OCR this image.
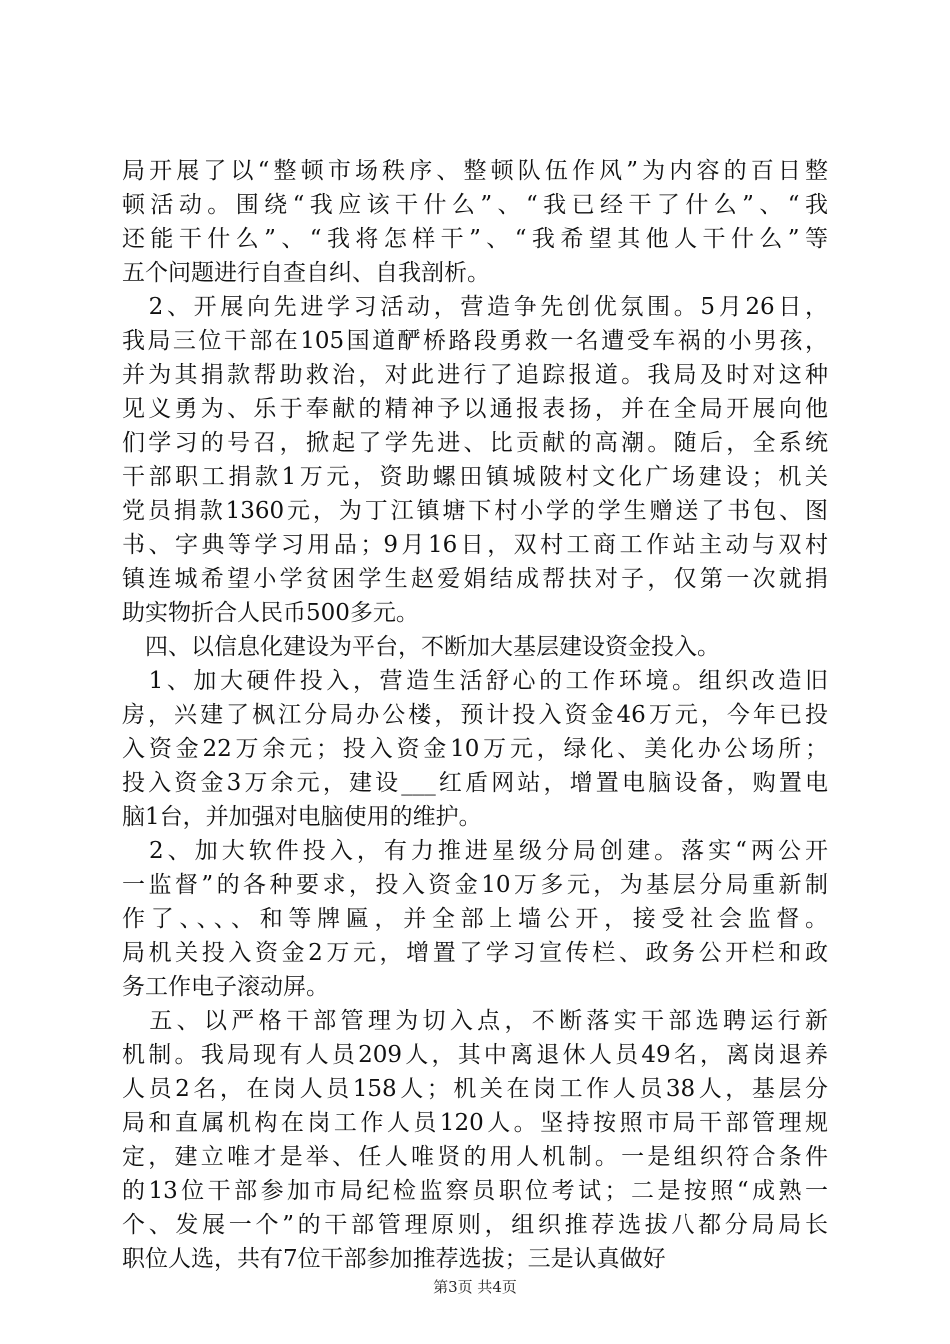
局开展了以“整顿市场秩序、整顿队伍作风”为内容的百日整
顿活动。围绕“我应该干什么”、“我已经干了什么”、“我
还能干什么”、“我将怎样干”、“我希望其他人干什么”等
五个问题进行自查自纠、自我剖析。
　2、开展向先进学习活动，营造争先创优氛围。5月26日，
我局三位干部在105国道酽桥路段勇救一名遭受车祸的小男孩，
并为其捐款帮助救治，对此进行了追踪报道。我局及时对这种
见义勇为、乐于奉献的精神予以通报表扬，并在全局开展向他
们学习的号召，掀起了学先进、比贡献的高潮。随后，全系统
干部职工捐款1万元，资助螺田镇城陂村文化广场建设；机关
党员捐款1360元，为丁江镇塘下村小学的学生赠送了书包、图
书、字典等学习用品；9月16日，双村工商工作站主动与双村
镇连城希望小学贫困学生赵爱娟结成帮扶对子，仅第一次就捐
助实物折合人民币500多元。
　四、以信息化建设为平台，不断加大基层建设资金投入。
　1、加大硬件投入，营造生活舒心的工作环境。组织改造旧
房，兴建了枫江分局办公楼，预计投入资金46万元，今年已投
入资金22万余元；投入资金10万元，绿化、美化办公场所；
投入资金3万余元，建设___红盾网站，增置电脑设备，购置电
脑1台，并加强对电脑使用的维护。
　2、加大软件投入，有力推进星级分局创建。落实“两公开
一监督”的各种要求，投入资金10万多元，为基层分局重新制
作了、、、、和等牌匾，并全部上墙公开，接受社会监督。
局机关投入资金2万元，增置了学习宣传栏、政务公开栏和政
务工作电子滚动屏。
　五、以严格干部管理为切入点，不断落实干部选聘运行新
机制。我局现有人员209人，其中离退休人员49名，离岗退养
人员2名，在岗人员158人；机关在岗工作人员38人，基层分
局和直属机构在岗工作人员120人。坚持按照市局干部管理规
定，建立唯才是举、任人唯贤的用人机制。一是组织符合条件
的13位干部参加市局纪检监察员职位考试；二是按照“成熟一
个、发展一个”的干部管理原则，组织推荐选拔八都分局局长
职位人选，共有7位干部参加推荐选拔；三是认真做好
第3页 共4页
